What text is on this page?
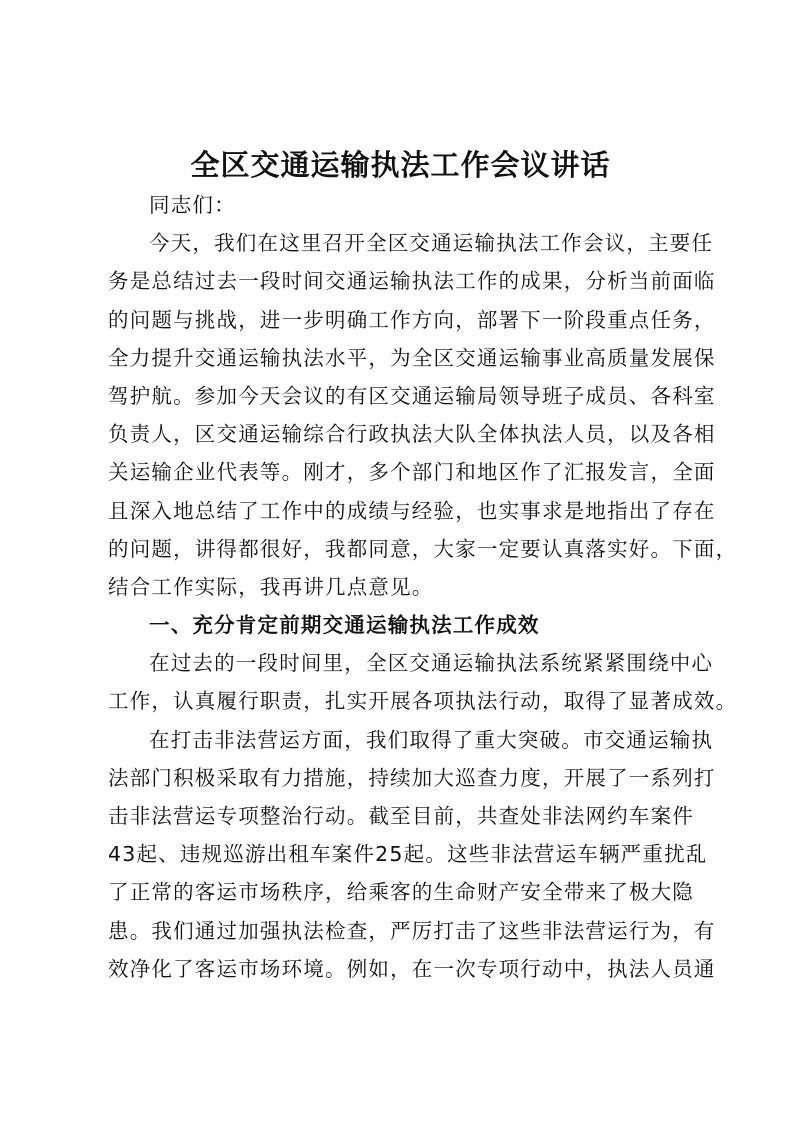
全区交通运输执法工作会议讲话
同志们：
今天，我们在这里召开全区交通运输执法工作会议，主要任
务是总结过去一段时间交通运输执法工作的成果，分析当前面临
的问题与挑战，进一步明确工作方向，部署下一阶段重点任务，
全力提升交通运输执法水平，为全区交通运输事业高质量发展保
驾护航。参加今天会议的有区交通运输局领导班子成员、各科室
负责人，区交通运输综合行政执法大队全体执法人员，以及各相
关运输企业代表等。刚才，多个部门和地区作了汇报发言，全面
且深入地总结了工作中的成绩与经验，也实事求是地指出了存在
的问题，讲得都很好，我都同意，大家一定要认真落实好。下面，
结合工作实际，我再讲几点意见。
一、充分肯定前期交通运输执法工作成效
在过去的一段时间里，全区交通运输执法系统紧紧围绕中心
工作，认真履行职责，扎实开展各项执法行动，取得了显著成效。
在打击非法营运方面，我们取得了重大突破。市交通运输执
法部门积极采取有力措施，持续加大巡查力度，开展了一系列打
击非法营运专项整治行动。截至目前，共查处非法网约车案件
43起、违规巡游出租车案件25起。这些非法营运车辆严重扰乱
了正常的客运市场秩序，给乘客的生命财产安全带来了极大隐
患。我们通过加强执法检查，严厉打击了这些非法营运行为，有
效净化了客运市场环境。例如，在一次专项行动中，执法人员通
